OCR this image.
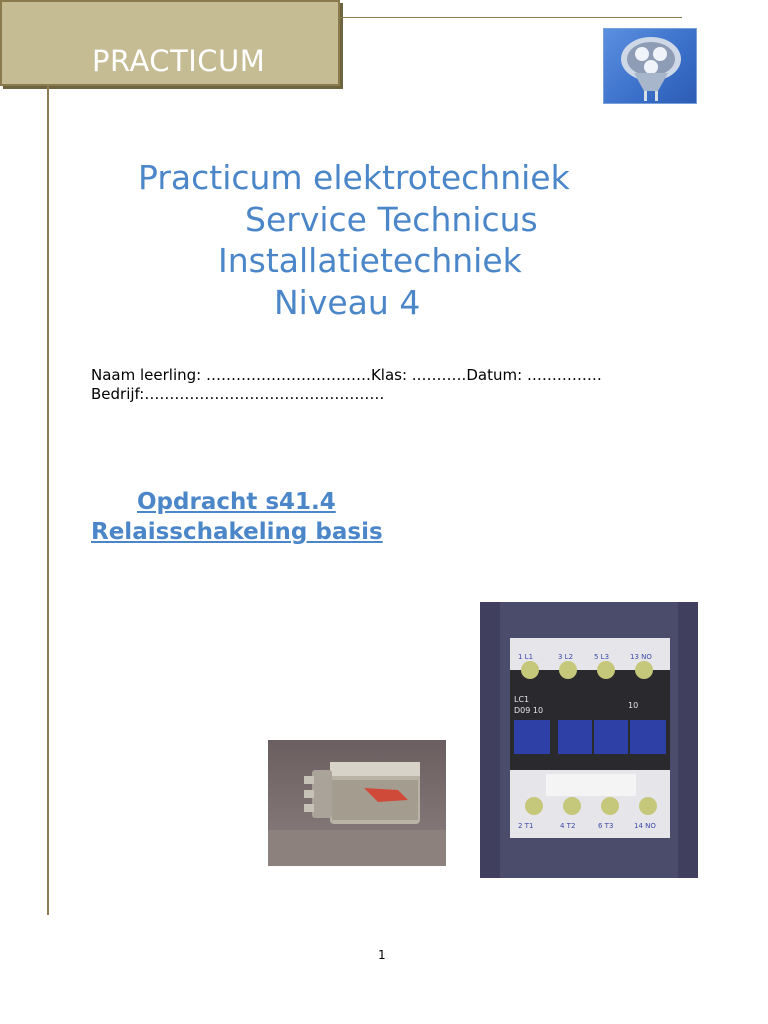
PRACTICUM
Practicum elektrotechniek
Service Technicus
Installatietechniek
Niveau 4
Naam leerling: ……………………………Klas: .……….Datum: ……………
Bedrijf:…………………………………………
Opdracht s41.4
Relaisschakeling basis
1 L1	3 L2	5 L3	13 NO
2 T1	4 T2	6 T3	14 NO
LC1
D09 10
10
1
